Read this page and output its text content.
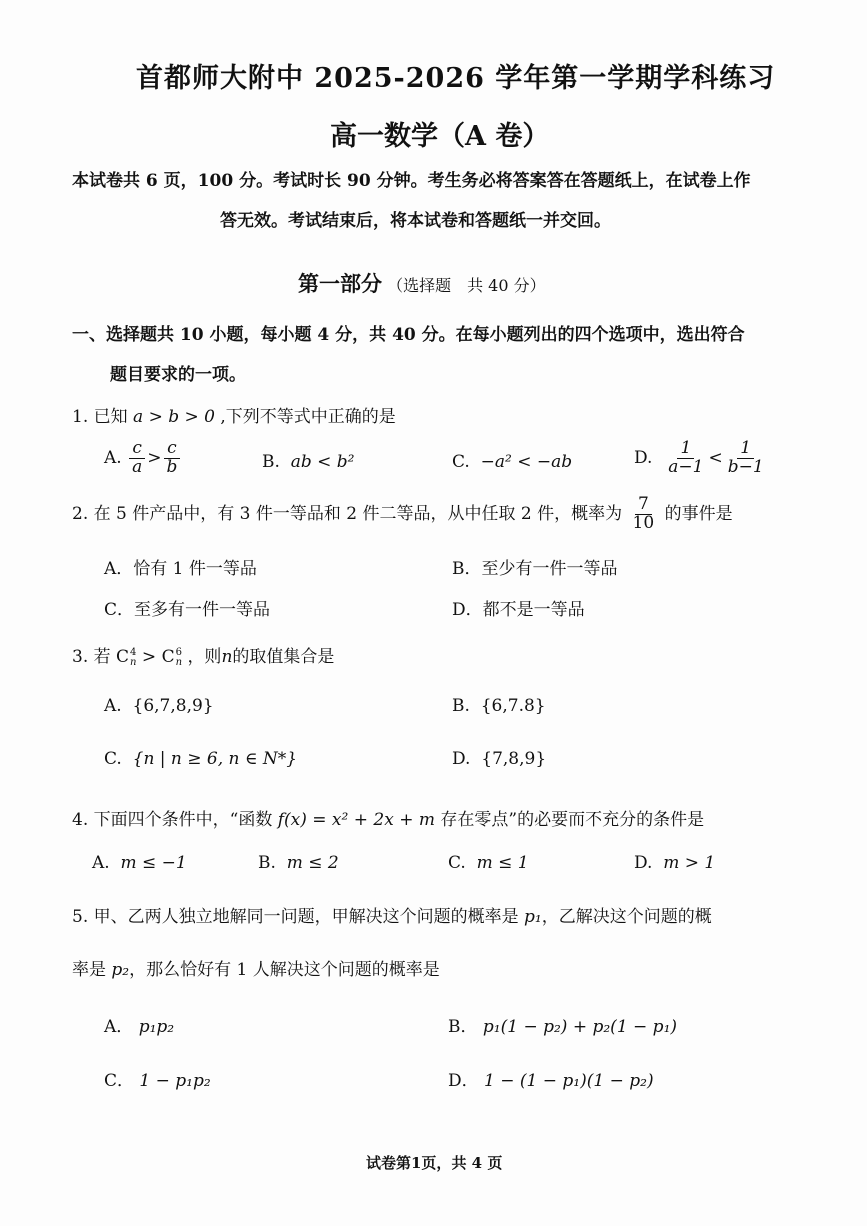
首都师大附中 2025-2026 学年第一学期学科练习
高一数学（A 卷）
本试卷共 6 页，100 分。考试时长 90 分钟。考生务必将答案答在答题纸上，在试卷上作
答无效。考试结束后，将本试卷和答题纸一并交回。
第一部分 （选择题　共 40 分）
一、选择题共 10 小题，每小题 4 分，共 40 分。在每小题列出的四个选项中，选出符合
题目要求的一项。
1. 已知 a > b > 0 ,下列不等式中正确的是
A. $\frac{c}{a} > \frac{c}{b}$	B. ab < b²	C. −a² < −ab	D. $\frac{1}{a-1} < \frac{1}{b-1}$
2. 在 5 件产品中，有 3 件一等品和 2 件二等品，从中任取 2 件，概率为 $\frac{7}{10}$ 的事件是
A．恰有 1 件一等品	B．至少有一件一等品
C．至多有一件一等品	D．都不是一等品
3. 若 C 4
n > C 6
n ，则n的取值集合是
A. {6,7,8,9}	B. {6,7.8}
C. {n | n ≥ 6, n ∈ N*}	D. {7,8,9}
4. 下面四个条件中，“函数 f(x) = x² + 2x + m 存在零点”的必要而不充分的条件是
A. m ≤ −1	B. m ≤ 2	C. m ≤ 1	D. m > 1
5. 甲、乙两人独立地解同一问题，甲解决这个问题的概率是 p₁，乙解决这个问题的概
率是 p₂，那么恰好有 1 人解决这个问题的概率是
A． p₁p₂	B． p₁(1 − p₂) + p₂(1 − p₁)
C． 1 − p₁p₂	D． 1 − (1 − p₁)(1 − p₂)
试卷第1页，共 4 页
